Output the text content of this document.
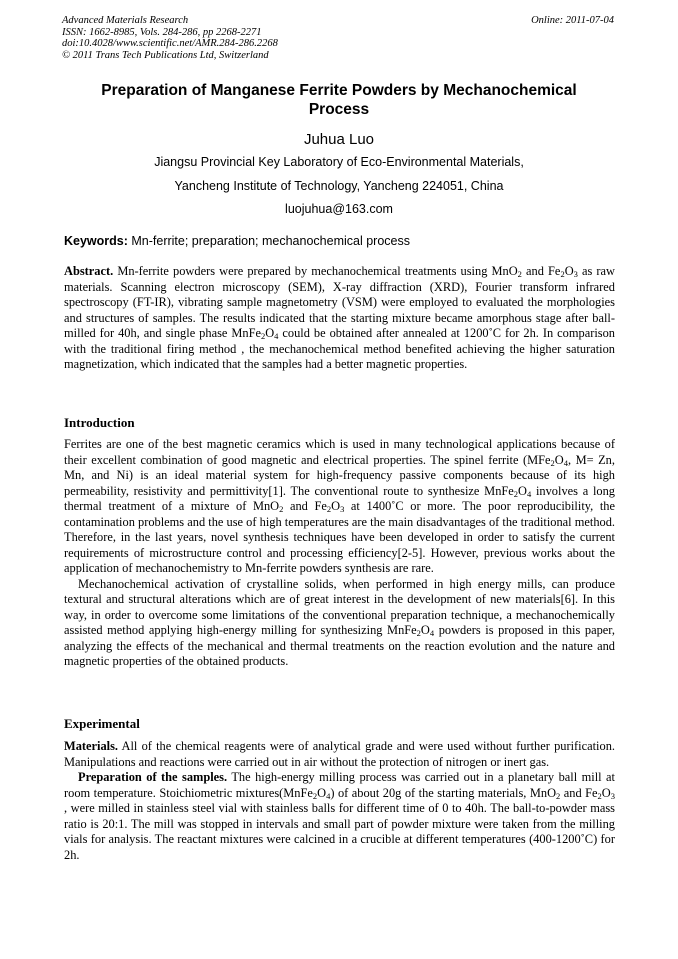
Advanced Materials Research
ISSN: 1662-8985, Vols. 284-286, pp 2268-2271
doi:10.4028/www.scientific.net/AMR.284-286.2268
© 2011 Trans Tech Publications Ltd, Switzerland
Online: 2011-07-04
Preparation of Manganese Ferrite Powders by Mechanochemical Process
Juhua Luo
Jiangsu Provincial Key Laboratory of Eco-Environmental Materials,
Yancheng Institute of Technology, Yancheng 224051, China
luojuhua@163.com
Keywords: Mn-ferrite; preparation; mechanochemical process

Abstract. Mn-ferrite powders were prepared by mechanochemical treatments using MnO$_2$ and $Fe_2O_3$ as raw materials. Scanning electron microscopy (SEM), X-ray diffraction (XRD), Fourier transform infrared spectroscopy (FT-IR), vibrating sample magnetometry (VSM) were employed to evaluated the morphologies and structures of samples. The results indicated that the starting mixture became amorphous stage after ball-milled for 40h, and single phase $MnFe_2O_4$ could be obtained after annealed at 1200˚C for 2h. In comparison with the traditional firing method , the mechanochemical method benefited achieving the higher saturation magnetization, which indicated that the samples had a better magnetic properties.

Introduction

Ferrites are one of the best magnetic ceramics which is used in many technological applications because of their excellent combination of good magnetic and electrical properties. The spinel ferrite ($MFe_2O_4$, M= Zn, Mn, and Ni) is an ideal material system for high-frequency passive components because of its high permeability, resistivity and permittivity[1]. The conventional route to synthesize $MnFe_2O_4$ involves a long thermal treatment of a mixture of MnO$_2$ and $Fe_2O_3$ at 1400˚C or more. The poor reproducibility, the contamination problems and the use of high temperatures are the main disadvantages of the traditional method. Therefore, in the last years, novel synthesis techniques have been developed in order to satisfy the current requirements of microstructure control and processing efficiency[2-5]. However, previous works about the application of mechanochemistry to Mn-ferrite powders synthesis are rare.

Mechanochemical activation of crystalline solids, when performed in high energy mills, can produce textural and structural alterations which are of great interest in the development of new materials[6]. In this way, in order to overcome some limitations of the conventional preparation technique, a mechanochemically assisted method applying high-energy milling for synthesizing $MnFe_2O_4$ powders is proposed in this paper, analyzing the effects of the mechanical and thermal treatments on the reaction evolution and the nature and magnetic properties of the obtained products.

Experimental

Materials. All of the chemical reagents were of analytical grade and were used without further purification. Manipulations and reactions were carried out in air without the protection of nitrogen or inert gas.

Preparation of the samples. The high-energy milling process was carried out in a planetary ball mill at room temperature. Stoichiometric $mixtures(MnFe_2O_4)$ of about 20g of the starting materials, MnO$_2$ and $Fe_2O_3$ , were milled in stainless steel vial with stainless balls for different time of 0 to 40h. The ball-to-powder mass ratio is 20:1. The mill was stopped in intervals and small part of powder mixture were taken from the milling vials for analysis. The reactant mixtures were calcined in a crucible at different temperatures (400-1200˚C) for 2h.
